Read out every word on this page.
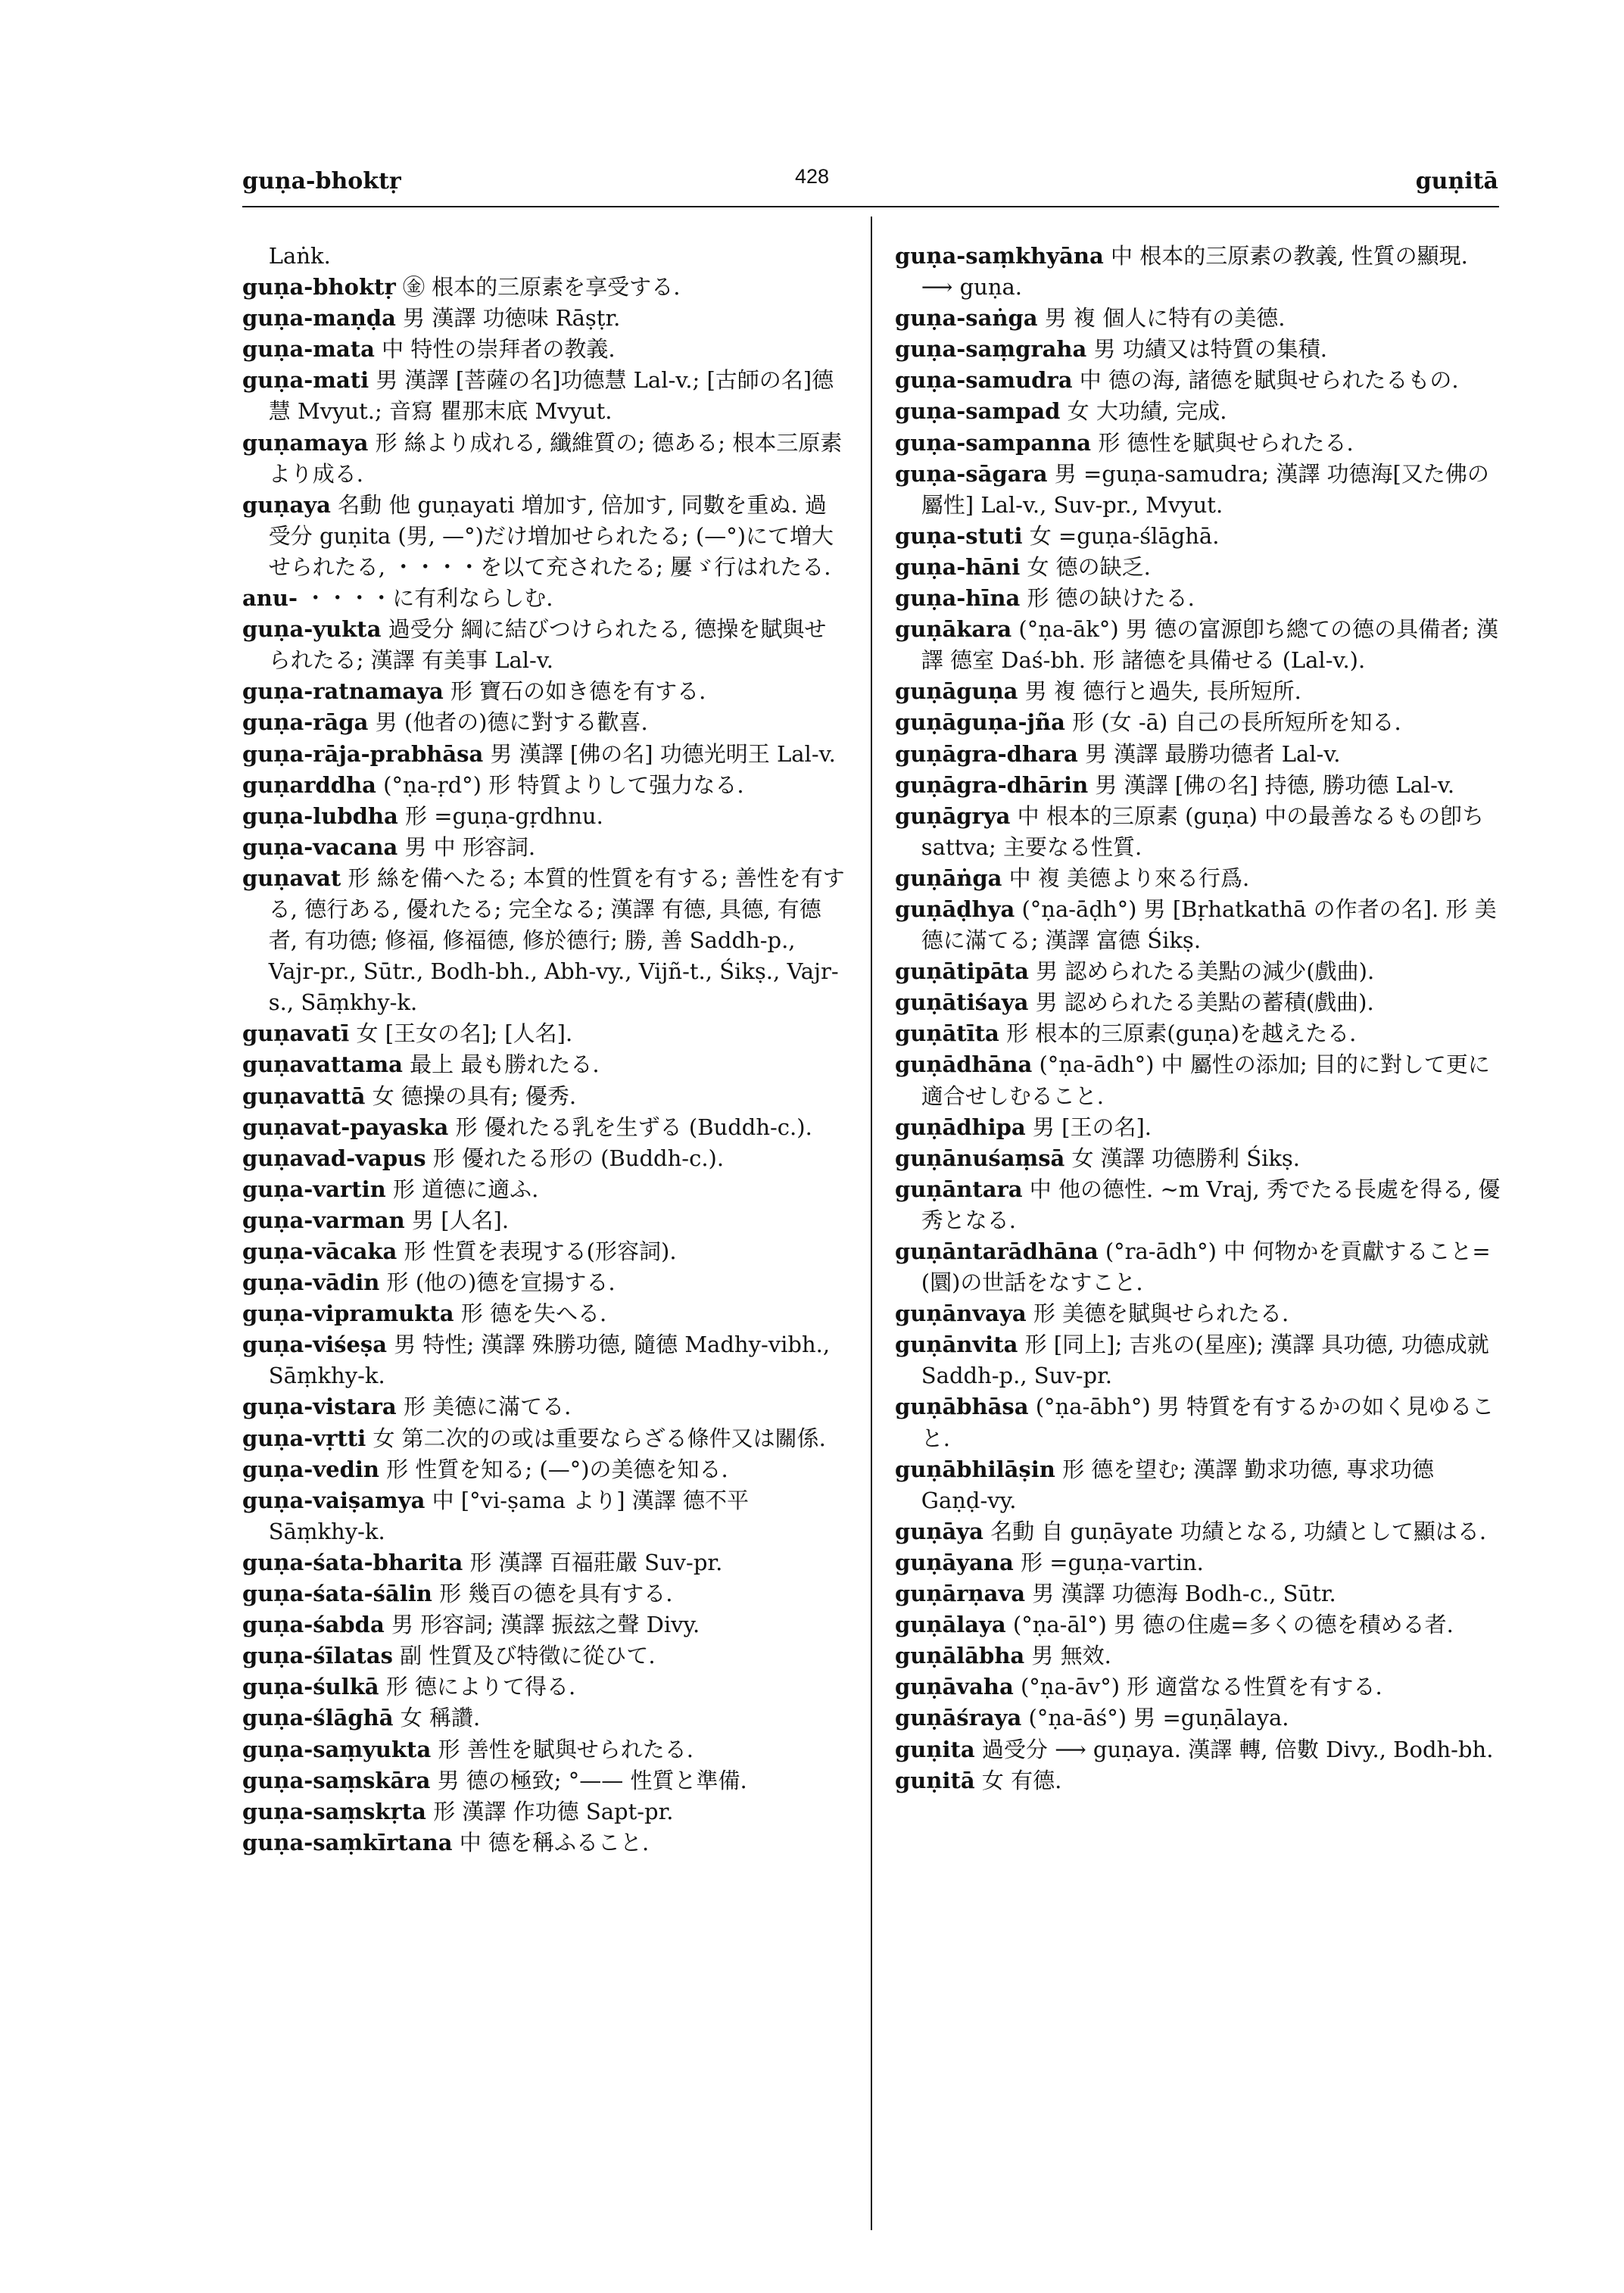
guṇa-bhoktṛ	428	guṇitā

Laṅk.

guṇa-bhoktṛ ㊎ 根本的三原素を享受する.

guṇa-maṇḍa 男 漢譯 功徳味 Rāṣṭr.

guṇa-mata 中 特性の崇拜者の教義.

guṇa-mati 男 漢譯 [菩薩の名]功德慧 Lal-v.; [古師の名]德慧 Mvyut.; 音寫 瞿那末底 Mvyut.

guṇamaya 形 絲より成れる, 纖維質の; 德ある; 根本三原素より成る.

guṇaya 名動 他 guṇayati 増加す, 倍加す, 同數を重ぬ. 過受分 guṇita (男, —°)だけ増加せられたる; (—°)にて増大せられたる, ・・・・を以て充されたる; 屢ゞ行はれたる.

anu- ・・・・に有利ならしむ.

guṇa-yukta 過受分 綱に結びつけられたる, 德操を賦與せられたる; 漢譯 有美事 Lal-v.

guṇa-ratnamaya 形 寶石の如き德を有する.

guṇa-rāga 男 (他者の)德に對する歡喜.

guṇa-rāja-prabhāsa 男 漢譯 [佛の名] 功德光明王 Lal-v.

guṇarddha (°ṇa-ṛd°) 形 特質よりして强力なる.

guṇa-lubdha 形 =guṇa-gṛdhnu.

guṇa-vacana 男 中 形容詞.

guṇavat 形 絲を備へたる; 本質的性質を有する; 善性を有する, 德行ある, 優れたる; 完全なる; 漢譯 有德, 具德, 有德者, 有功德; 修福, 修福德, 修於德行; 勝, 善 Saddh-p., Vajr-pr., Sūtr., Bodh-bh., Abh-vy., Vijñ-t., Śikṣ., Vajr-s., Sāṃkhy-k.

guṇavatī 女 [王女の名]; [人名].

guṇavattama 最上 最も勝れたる.

guṇavattā 女 德操の具有; 優秀.

guṇavat-payaska 形 優れたる乳を生ずる (Buddh-c.).

guṇavad-vapus 形 優れたる形の (Buddh-c.).

guṇa-vartin 形 道德に適ふ.

guṇa-varman 男 [人名].

guṇa-vācaka 形 性質を表現する(形容詞).

guṇa-vādin 形 (他の)德を宣揚する.

guṇa-vipramukta 形 德を失へる.

guṇa-viśeṣa 男 特性; 漢譯 殊勝功德, 隨德 Madhy-vibh., Sāṃkhy-k.

guṇa-vistara 形 美德に滿てる.

guṇa-vṛtti 女 第二次的の或は重要ならざる條件又は關係.

guṇa-vedin 形 性質を知る; (—°)の美德を知る.

guṇa-vaiṣamya 中 [°vi-ṣama より] 漢譯 德不平 Sāṃkhy-k.

guṇa-śata-bharita 形 漢譯 百福莊嚴 Suv-pr.

guṇa-śata-śālin 形 幾百の德を具有する.

guṇa-śabda 男 形容詞; 漢譯 振玆之聲 Divy.

guṇa-śīlatas 副 性質及び特徵に從ひて.

guṇa-śulkā 形 德によりて得る.

guṇa-ślāghā 女 稱讚.

guṇa-saṃyukta 形 善性を賦與せられたる.

guṇa-saṃskāra 男 德の極致; °—— 性質と準備.

guṇa-saṃskṛta 形 漢譯 作功德 Sapt-pr.

guṇa-saṃkīrtana 中 德を稱ふること.

guṇa-saṃkhyāna 中 根本的三原素の教義, 性質の顯現. ⟶ guṇa.

guṇa-saṅga 男 複 個人に特有の美德.

guṇa-saṃgraha 男 功績又は特質の集積.

guṇa-samudra 中 德の海, 諸德を賦與せられたるもの.

guṇa-sampad 女 大功績, 完成.

guṇa-sampanna 形 德性を賦與せられたる.

guṇa-sāgara 男 =guṇa-samudra; 漢譯 功德海[又た佛の屬性] Lal-v., Suv-pr., Mvyut.

guṇa-stuti 女 =guṇa-ślāghā.

guṇa-hāni 女 德の缺乏.

guṇa-hīna 形 德の缺けたる.

guṇākara (°ṇa-āk°) 男 德の富源卽ち總ての德の具備者; 漢譯 德室 Daś-bh. 形 諸德を具備せる (Lal-v.).

guṇāguṇa 男 複 德行と過失, 長所短所.

guṇāguṇa-jña 形 (女 -ā) 自己の長所短所を知る.

guṇāgra-dhara 男 漢譯 最勝功德者 Lal-v.

guṇāgra-dhārin 男 漢譯 [佛の名] 持德, 勝功德 Lal-v.

guṇāgrya 中 根本的三原素 (guṇa) 中の最善なるもの卽ち sattva; 主要なる性質.

guṇāṅga 中 複 美德より來る行爲.

guṇāḍhya (°ṇa-āḍh°) 男 [Bṛhatkathā の作者の名]. 形 美德に滿てる; 漢譯 富德 Śikṣ.

guṇātipāta 男 認められたる美點の減少(戲曲).

guṇātiśaya 男 認められたる美點の蓄積(戲曲).

guṇātīta 形 根本的三原素(guṇa)を越えたる.

guṇādhāna (°ṇa-ādh°) 中 屬性の添加; 目的に對して更に適合せしむること.

guṇādhipa 男 [王の名].

guṇānuśaṃsā 女 漢譯 功德勝利 Śikṣ.

guṇāntara 中 他の德性. ∼m Vraj, 秀でたる長處を得る, 優秀となる.

guṇāntarādhāna (°ra-ādh°) 中 何物かを貢獻すること=(圜)の世話をなすこと.

guṇānvaya 形 美德を賦與せられたる.

guṇānvita 形 [同上]; 吉兆の(星座); 漢譯 具功德, 功德成就 Saddh-p., Suv-pr.

guṇābhāsa (°ṇa-ābh°) 男 特質を有するかの如く見ゆること.

guṇābhilāṣin 形 德を望む; 漢譯 勤求功德, 專求功德 Gaṇḍ-vy.

guṇāya 名動 自 guṇāyate 功績となる, 功績として顯はる.

guṇāyana 形 =guṇa-vartin.

guṇārṇava 男 漢譯 功德海 Bodh-c., Sūtr.

guṇālaya (°ṇa-āl°) 男 德の住處=多くの德を積める者.

guṇālābha 男 無效.

guṇāvaha (°ṇa-āv°) 形 適當なる性質を有する.

guṇāśraya (°ṇa-āś°) 男 =guṇālaya.

guṇita 過受分 ⟶ guṇaya. 漢譯 轉, 倍數 Divy., Bodh-bh.

guṇitā 女 有德.
